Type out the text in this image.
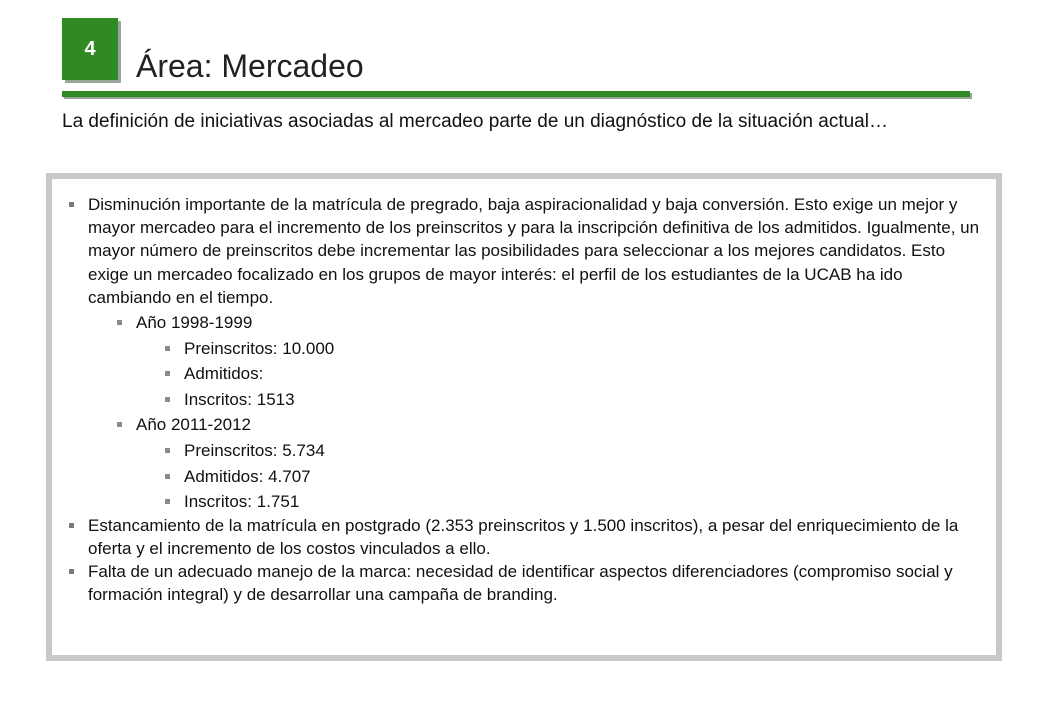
4 Área: Mercadeo

La definición de iniciativas asociadas al mercadeo parte de un diagnóstico de la situación actual…

Disminución importante de la matrícula de pregrado, baja aspiracionalidad y baja conversión. Esto exige un mejor y mayor mercadeo para el incremento de los preinscritos y para la inscripción definitiva de los admitidos. Igualmente, un mayor número de preinscritos debe incrementar las posibilidades para seleccionar a los mejores candidatos. Esto exige un mercadeo focalizado en los grupos de mayor interés: el perfil de los estudiantes de la UCAB ha ido cambiando en el tiempo.
Año 1998-1999
Preinscritos: 10.000
Admitidos:
Inscritos: 1513
Año 2011-2012
Preinscritos: 5.734
Admitidos: 4.707
Inscritos: 1.751
Estancamiento de la matrícula en postgrado (2.353 preinscritos y 1.500 inscritos), a pesar del enriquecimiento de la oferta y el incremento de los costos vinculados a ello.
Falta de un adecuado manejo de la marca: necesidad de identificar aspectos diferenciadores (compromiso social y formación integral) y de desarrollar una campaña de branding.
